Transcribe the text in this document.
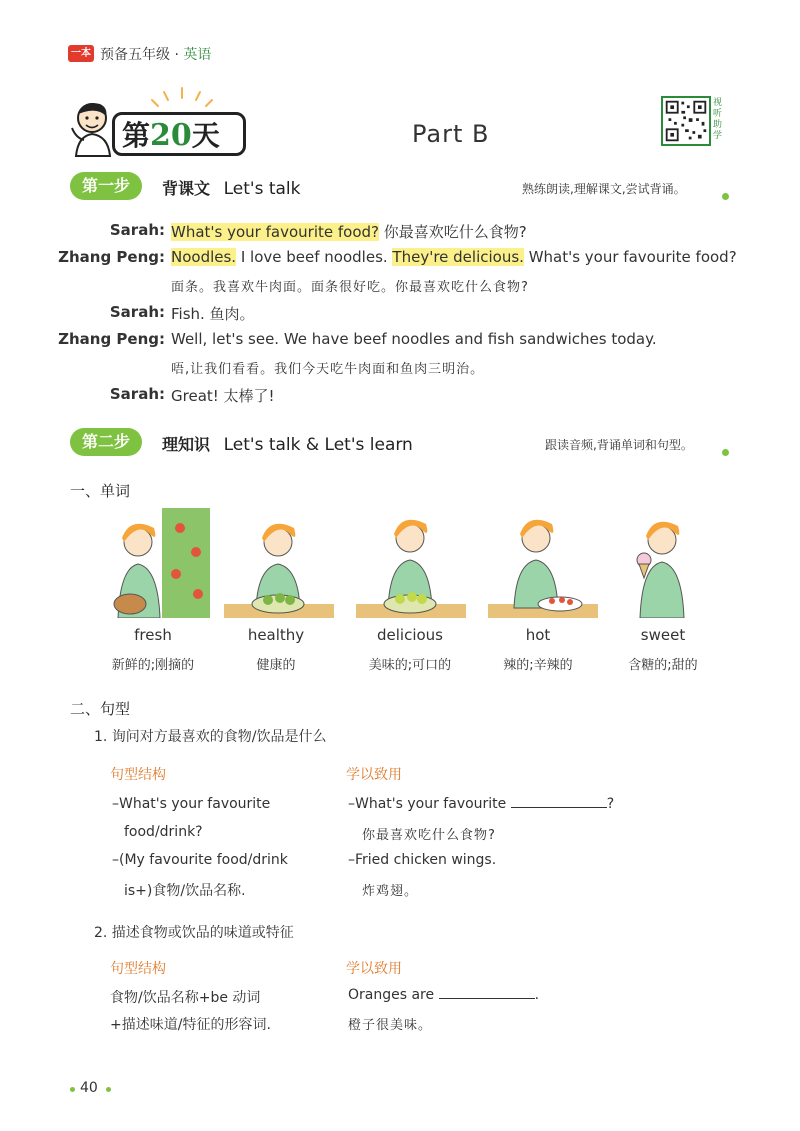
一本 预备五年级 · 英语
第20天	Part B
视听助学
第一步	背课文 Let's talk	熟练朗读,理解课文,尝试背诵。
Sarah: What's your favourite food? 你最喜欢吃什么食物?
Zhang Peng: Noodles. I love beef noodles. They're delicious. What's your favourite food?
面条。我喜欢牛肉面。面条很好吃。你最喜欢吃什么食物?
Sarah: Fish. 鱼肉。
Zhang Peng: Well, let's see. We have beef noodles and fish sandwiches today.
唔,让我们看看。我们今天吃牛肉面和鱼肉三明治。
Sarah: Great! 太棒了!
第二步	理知识 Let's talk & Let's learn	跟读音频,背诵单词和句型。
一、单词
fresh
新鲜的;刚摘的
healthy
健康的
delicious
美味的;可口的
hot
辣的;辛辣的
sweet
含糖的;甜的
二、句型
1. 询问对方最喜欢的食物/饮品是什么
句型结构	学以致用
–What's your favourite
food/drink?
–(My favourite food/drink
is+)食物/饮品名称.
–What's your favourite	?
你最喜欢吃什么食物?
–Fried chicken wings.
炸鸡翅。
2. 描述食物或饮品的味道或特征
句型结构	学以致用
食物/饮品名称+be 动词
+描述味道/特征的形容词.
Oranges are	.
橙子很美味。
40
